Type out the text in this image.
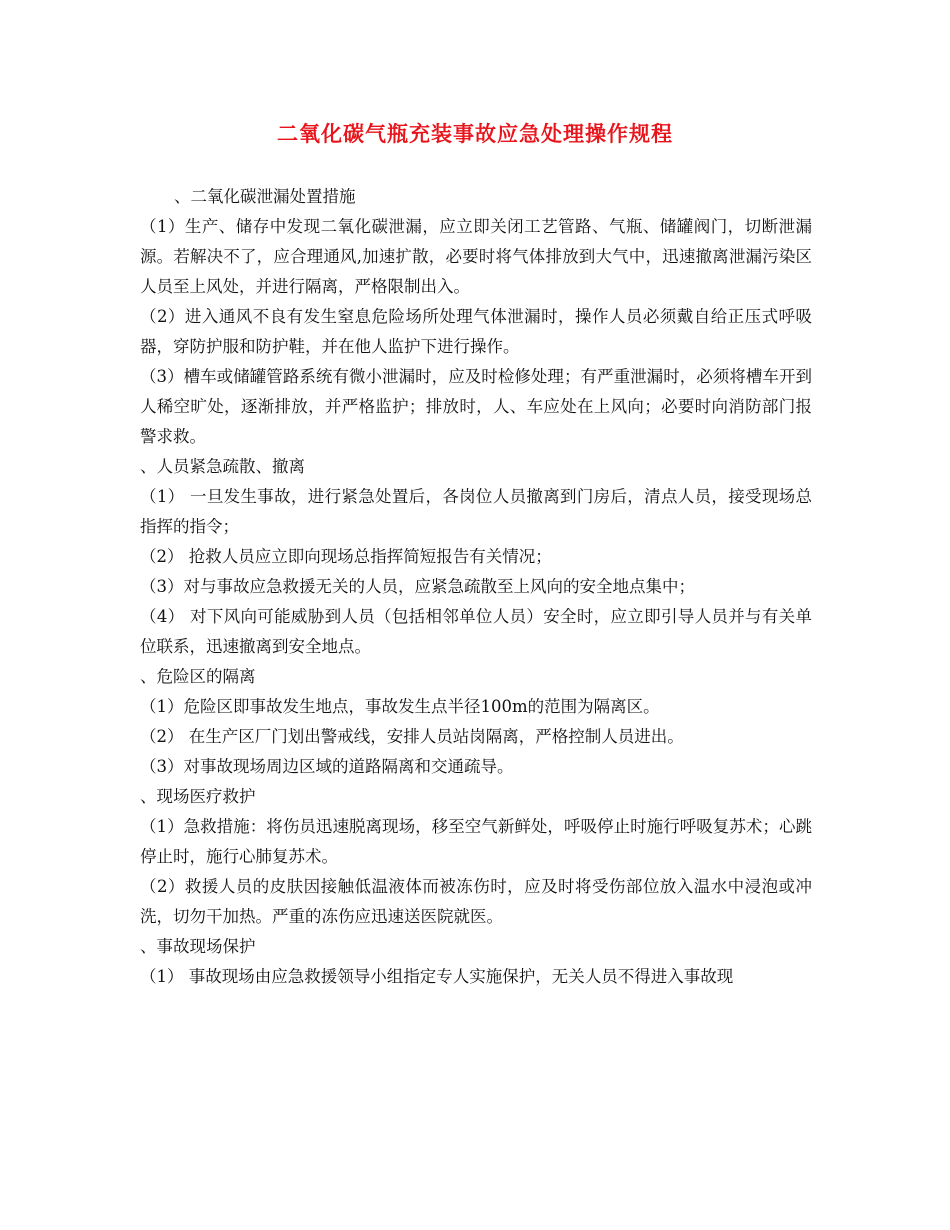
二氧化碳气瓶充装事故应急处理操作规程

、二氧化碳泄漏处置措施

（1）生产、储存中发现二氧化碳泄漏，应立即关闭工艺管路、气瓶、储罐阀门，切断泄漏源。若解决不了，应合理通风,加速扩散，必要时将气体排放到大气中，迅速撤离泄漏污染区人员至上风处，并进行隔离，严格限制出入。

（2）进入通风不良有发生窒息危险场所处理气体泄漏时，操作人员必须戴自给正压式呼吸器，穿防护服和防护鞋，并在他人监护下进行操作。

（3）槽车或储罐管路系统有微小泄漏时，应及时检修处理；有严重泄漏时，必须将槽车开到人稀空旷处，逐渐排放，并严格监护；排放时，人、车应处在上风向；必要时向消防部门报警求救。

、人员紧急疏散、撤离

（1） 一旦发生事故，进行紧急处置后，各岗位人员撤离到门房后，清点人员，接受现场总指挥的指令；

（2） 抢救人员应立即向现场总指挥简短报告有关情况；

（3）对与事故应急救援无关的人员，应紧急疏散至上风向的安全地点集中；

（4） 对下风向可能威胁到人员（包括相邻单位人员）安全时，应立即引导人员并与有关单位联系，迅速撤离到安全地点。

、危险区的隔离

（1）危险区即事故发生地点，事故发生点半径100m的范围为隔离区。

（2） 在生产区厂门划出警戒线，安排人员站岗隔离，严格控制人员进出。

（3）对事故现场周边区域的道路隔离和交通疏导。

、现场医疗救护

（1）急救措施：将伤员迅速脱离现场，移至空气新鲜处，呼吸停止时施行呼吸复苏术；心跳停止时，施行心肺复苏术。

（2）救援人员的皮肤因接触低温液体而被冻伤时，应及时将受伤部位放入温水中浸泡或冲洗，切勿干加热。严重的冻伤应迅速送医院就医。

、事故现场保护

（1） 事故现场由应急救援领导小组指定专人实施保护，无关人员不得进入事故现
